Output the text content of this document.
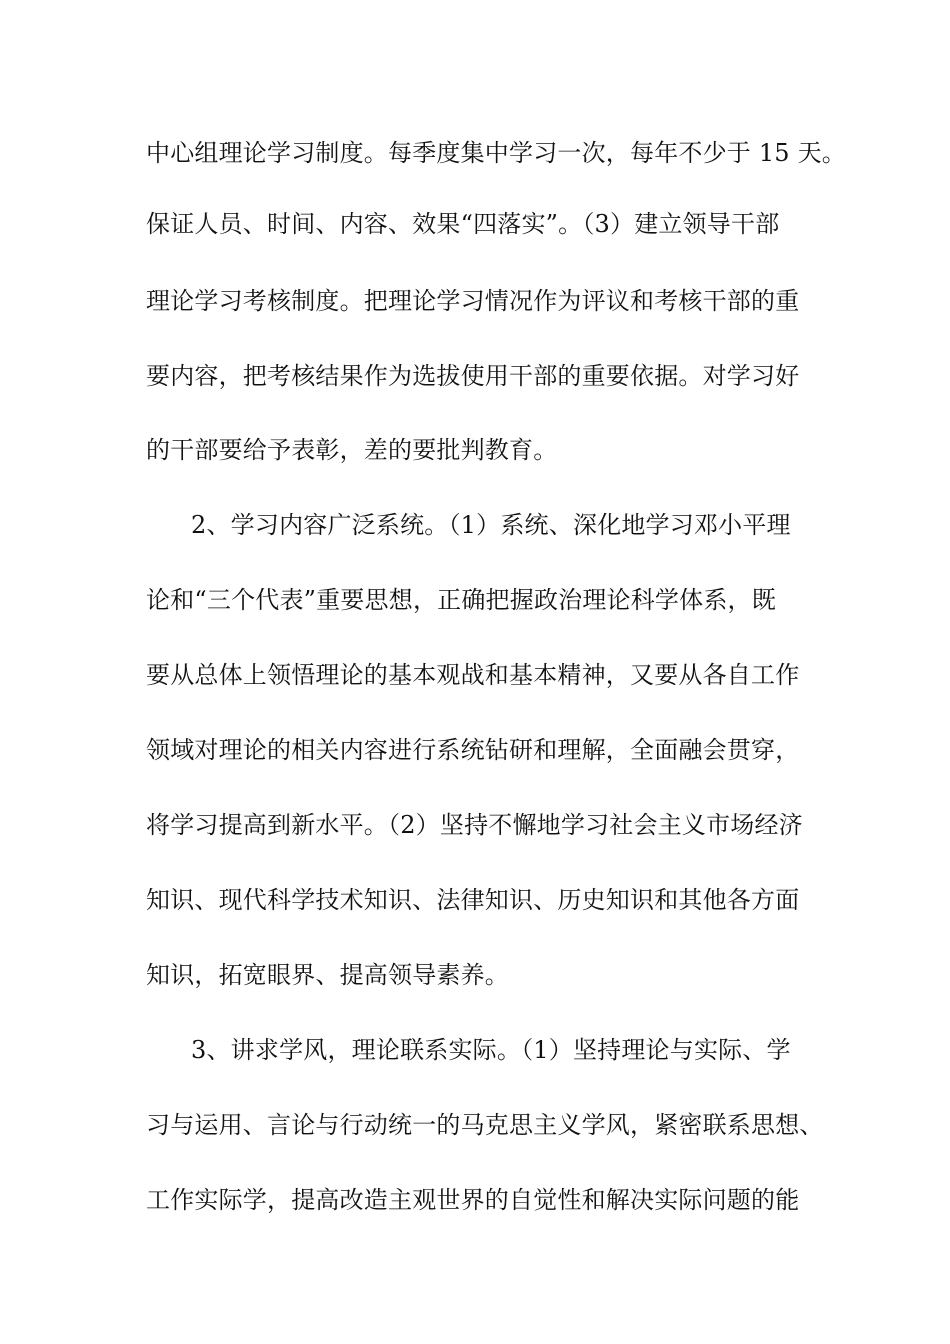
中心组理论学习制度。每季度集中学习一次，每年不少于 15 天。
保证人员、时间、内容、效果“四落实”。（3）建立领导干部
理论学习考核制度。把理论学习情况作为评议和考核干部的重
要内容，把考核结果作为选拔使用干部的重要依据。对学习好
的干部要给予表彰，差的要批判教育。
2、学习内容广泛系统。（1）系统、深化地学习邓小平理
论和“三个代表”重要思想，正确把握政治理论科学体系，既
要从总体上领悟理论的基本观战和基本精神，又要从各自工作
领域对理论的相关内容进行系统钻研和理解，全面融会贯穿，
将学习提高到新水平。（2）坚持不懈地学习社会主义市场经济
知识、现代科学技术知识、法律知识、历史知识和其他各方面
知识，拓宽眼界、提高领导素养。
3、讲求学风，理论联系实际。（1）坚持理论与实际、学
习与运用、言论与行动统一的马克思主义学风，紧密联系思想、
工作实际学，提高改造主观世界的自觉性和解决实际问题的能
